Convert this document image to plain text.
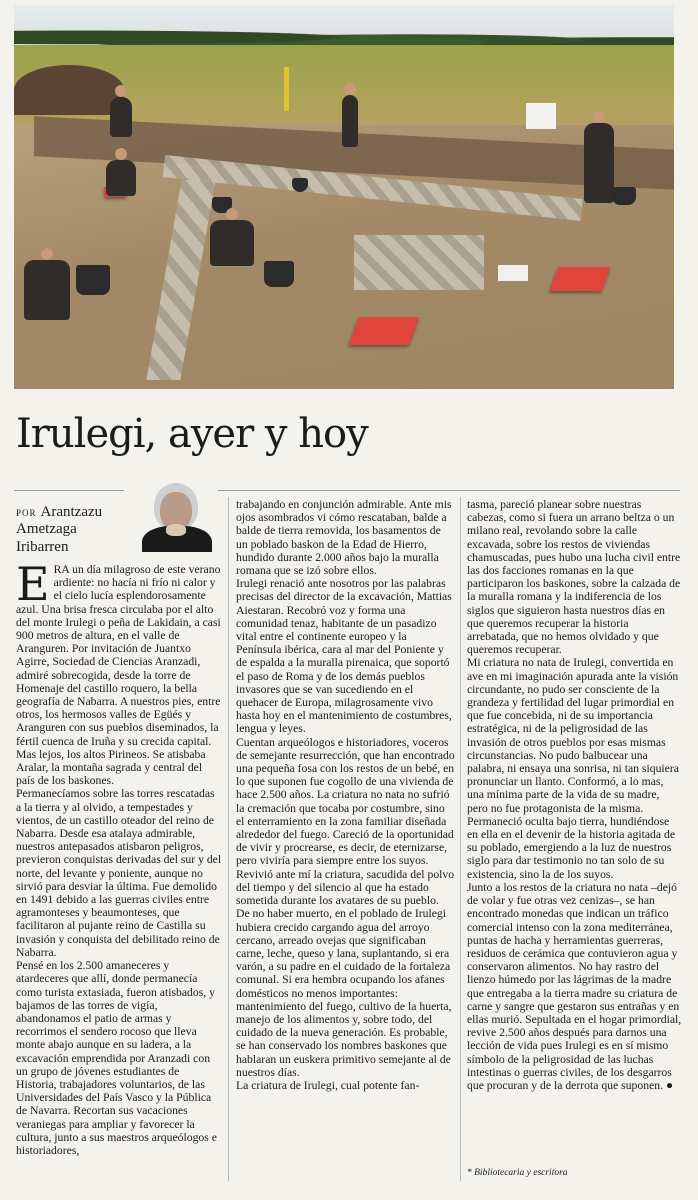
Irulegi, ayer y hoy
POR Arantzazu
Ametzaga
Iribarren
E RA un día milagroso de este verano ardiente: no hacía ni frío ni calor y el cielo lucía esplendorosamente azul. Una brisa fresca circulaba por el alto del monte Irulegi o peña de Lakidain, a casi 900 metros de altura, en el valle de Aranguren. Por invitación de Juantxo Agirre, Sociedad de Ciencias Aranzadi, admiré sobrecogida, desde la torre de Homenaje del castillo roquero, la bella geografía de Nabarra. A nuestros pies, entre otros, los hermosos valles de Egüés y Aranguren con sus pueblos diseminados, la fértil cuenca de Iruña y su crecida capital. Mas lejos, los altos Pirineos. Se atisbaba Aralar, la montaña sagrada y central del país de los baskones.

Permanecíamos sobre las torres rescatadas a la tierra y al olvido, a tempestades y vientos, de un castillo oteador del reino de Nabarra. Desde esa atalaya admirable, nuestros antepasados atisbaron peligros, previeron conquistas derivadas del sur y del norte, del levante y poniente, aunque no sirvió para desviar la última. Fue demolido en 1491 debido a las guerras civiles entre agramonteses y beaumonteses, que facilitaron al pujante reino de Castilla su invasión y conquista del debilitado reino de Nabarra.

Pensé en los 2.500 amaneceres y atardeceres que allí, donde permanecía como turista extasiada, fueron atisbados, y bajamos de las torres de vigía, abandonamos el patio de armas y recorrimos el sendero rocoso que lleva monte abajo aunque en su ladera, a la excavación emprendida por Aranzadi con un grupo de jóvenes estudiantes de Historia, trabajadores voluntarios, de las Universidades del País Vasco y la Pública de Navarra. Recortan sus vacaciones veraniegas para ampliar y favorecer la cultura, junto a sus maestros arqueólogos e historiadores,

trabajando en conjunción admirable. Ante mis ojos asombrados vi cómo rescataban, balde a balde de tierra removida, los basamentos de un poblado baskon de la Edad de Hierro, hundido durante 2.000 años bajo la muralla romana que se izó sobre ellos.

Irulegi renació ante nosotros por las palabras precisas del director de la excavación, Mattias Aiestaran. Recobró voz y forma una comunidad tenaz, habitante de un pasadizo vital entre el continente europeo y la Península ibérica, cara al mar del Poniente y de espalda a la muralla pirenaica, que soportó el paso de Roma y de los demás pueblos invasores que se van sucediendo en el quehacer de Europa, milagrosamente vivo hasta hoy en el mantenimiento de costumbres, lengua y leyes.

Cuentan arqueólogos e historiadores, voceros de semejante resurrección, que han encontrado una pequeña fosa con los restos de un bebé, en lo que suponen fue cogollo de una vivienda de hace 2.500 años. La criatura no nata no sufrió la cremación que tocaba por costumbre, sino el enterramiento en la zona familiar diseñada alrededor del fuego. Careció de la oportunidad de vivir y procrearse, es decir, de eternizarse, pero viviría para siempre entre los suyos.

Revivió ante mí la criatura, sacudida del polvo del tiempo y del silencio al que ha estado sometida durante los avatares de su pueblo. De no haber muerto, en el poblado de Irulegi hubiera crecido cargando agua del arroyo cercano, arreado ovejas que significaban carne, leche, queso y lana, suplantando, si era varón, a su padre en el cuidado de la fortaleza comunal. Si era hembra ocupando los afanes domésticos no menos importantes: mantenimiento del fuego, cultivo de la huerta, manejo de los alimentos y, sobre todo, del cuidado de la nueva generación. Es probable, se han conservado los nombres baskones que hablaran un euskera primitivo semejante al de nuestros días.

La criatura de Irulegi, cual potente fan-

tasma, pareció planear sobre nuestras cabezas, como si fuera un arrano beltza o un milano real, revolando sobre la calle excavada, sobre los restos de viviendas chamuscadas, pues hubo una lucha civil entre las dos facciones romanas en la que participaron los baskones, sobre la calzada de la muralla romana y la indiferencia de los siglos que siguieron hasta nuestros días en que queremos recuperar la historia arrebatada, que no hemos olvidado y que queremos recuperar.

Mi criatura no nata de Irulegi, convertida en ave en mi imaginación apurada ante la visión circundante, no pudo ser consciente de la grandeza y fertilidad del lugar primordial en que fue concebida, ni de su importancia estratégica, ni de la peligrosidad de las invasión de otros pueblos por esas mismas circunstancias. No pudo balbucear una palabra, ni ensaya una sonrisa, ni tan siquiera pronunciar un llanto. Conformó, a lo mas, una mínima parte de la vida de su madre, pero no fue protagonista de la misma. Permaneció oculta bajo tierra, hundiéndose en ella en el devenir de la historia agitada de su poblado, emergiendo a la luz de nuestros siglo para dar testimonio no tan solo de su existencia, sino la de los suyos.

Junto a los restos de la criatura no nata –dejó de volar y fue otras vez cenizas–, se han encontrado monedas que indican un tráfico comercial intenso con la zona mediterránea, puntas de hacha y herramientas guerreras, residuos de cerámica que contuvieron agua y conservaron alimentos. No hay rastro del lienzo húmedo por las lágrimas de la madre que entregaba a la tierra madre su criatura de carne y sangre que gestaron sus entrañas y en ellas murió. Sepultada en el hogar primordial, revive 2.500 años después para darnos una lección de vida pues Irulegi es en sí mismo símbolo de la peligrosidad de las luchas intestinas o guerras civiles, de los desgarros que procuran y de la derrota que suponen. ●

* Bibliotecaria y escritora
